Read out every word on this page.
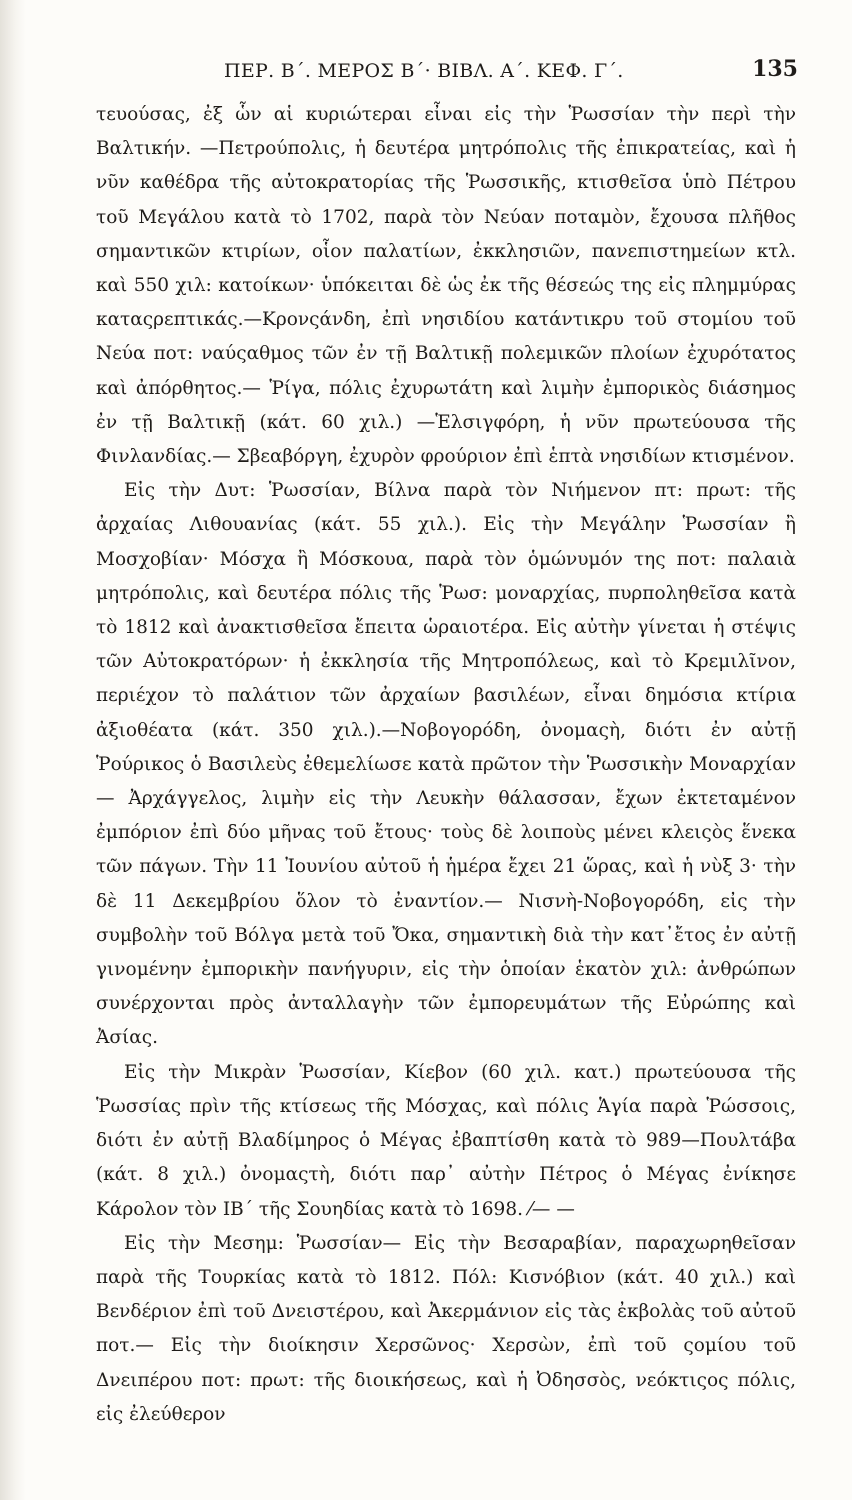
ΠΕΡ. Β΄. ΜΕΡΟΣ Β΄· ΒΙΒΛ. Α΄. ΚΕΦ. Γ΄.	135

τευούσας, ἐξ ὧν αἱ κυριώτεραι εἶναι εἰς τὴν Ῥωσσίαν τὴν περὶ τὴν Βαλτικήν. —Πετρούπολις, ἡ δευτέρα μητρόπολις τῆς ἐπικρατείας, καὶ ἡ νῦν καθέδρα τῆς αὐτοκρατορίας τῆς Ῥωσσικῆς, κτισθεῖσα ὑπὸ Πέτρου τοῦ Μεγάλου κατὰ τὸ 1702, παρὰ τὸν Νεύαν ποταμὸν, ἔχουσα πλῆθος σημαντικῶν κτιρίων, οἷον παλατίων, ἐκκλησιῶν, πανεπιστημείων κτλ. καὶ 550 χιλ: κατοίκων· ὑπόκειται δὲ ὡς ἐκ τῆς θέσεώς της εἰς πλημμύρας καταςρεπτικάς.—Κρονςάνδη, ἐπὶ νησιδίου κατάντικρυ τοῦ στομίου τοῦ Νεύα ποτ: ναύςαθμος τῶν ἐν τῇ Βαλτικῇ πολεμικῶν πλοίων ἐχυρότατος καὶ ἀπόρθητος.— Ῥίγα, πόλις ἐχυρωτάτη καὶ λιμὴν ἐμπορικὸς διάσημος ἐν τῇ Βαλτικῇ (κάτ. 60 χιλ.) —Ἑλσιγφόρη, ἡ νῦν πρωτεύουσα τῆς Φινλανδίας.— Σβεαβόργη, ἐχυρὸν φρούριον ἐπὶ ἑπτὰ νησιδίων κτισμένον.

Εἰς τὴν Δυτ: Ῥωσσίαν, Βίλνα παρὰ τὸν Νιήμενον πτ: πρωτ: τῆς ἀρχαίας Λιθουανίας (κάτ. 55 χιλ.). Εἰς τὴν Μεγάλην Ῥωσσίαν ἢ Μοσχοβίαν· Μόσχα ἢ Μόσκουα, παρὰ τὸν ὁμώνυμόν της ποτ: παλαιὰ μητρόπολις, καὶ δευτέρα πόλις τῆς Ῥωσ: μοναρχίας, πυρποληθεῖσα κατὰ τὸ 1812 καὶ ἀνακτισθεῖσα ἔπειτα ὡραιοτέρα. Εἰς αὐτὴν γίνεται ἡ στέψις τῶν Αὐτοκρατόρων· ἡ ἐκκλησία τῆς Μητροπόλεως, καὶ τὸ Κρεμιλῖνον, περιέχον τὸ παλάτιον τῶν ἀρχαίων βασιλέων, εἶναι δημόσια κτίρια ἀξιοθέατα (κάτ. 350 χιλ.).—Νοβογορόδη, ὀνομαςὴ, διότι ἐν αὐτῇ Ῥούρικος ὁ Βασιλεὺς ἐθεμελίωσε κατὰ πρῶτον τὴν Ῥωσσικὴν Μοναρχίαν— Ἀρχάγγελος, λιμὴν εἰς τὴν Λευκὴν θάλασσαν, ἔχων ἐκτεταμένον ἐμπόριον ἐπὶ δύο μῆνας τοῦ ἔτους· τοὺς δὲ λοιποὺς μένει κλειςὸς ἕνεκα τῶν πάγων. Τὴν 11 Ἰουνίου αὐτοῦ ἡ ἡμέρα ἔχει 21 ὥρας, καὶ ἡ νὺξ 3· τὴν δὲ 11 Δεκεμβρίου ὅλον τὸ ἐναντίον.— Νισνὴ-Νοβογορόδη, εἰς τὴν συμβολὴν τοῦ Βόλγα μετὰ τοῦ Ὄκα, σημαντικὴ διὰ τὴν κατ᾽ἔτος ἐν αὐτῇ γινομένην ἐμπορικὴν πανήγυριν, εἰς τὴν ὁποίαν ἑκατὸν χιλ: ἀνθρώπων συνέρχονται πρὸς ἀνταλλαγὴν τῶν ἐμπορευμάτων τῆς Εὐρώπης καὶ Ἀσίας.

Εἰς τὴν Μικρὰν Ῥωσσίαν, Κίεβον (60 χιλ. κατ.) πρωτεύουσα τῆς Ῥωσσίας πρὶν τῆς κτίσεως τῆς Μόσχας, καὶ πόλις Ἁγία παρὰ Ῥώσσοις, διότι ἐν αὐτῇ Βλαδίμηρος ὁ Μέγας ἐβαπτίσθη κατὰ τὸ 989—Πουλτάβα (κάτ. 8 χιλ.) ὀνομαςτὴ, διότι παρ᾽ αὐτὴν Πέτρος ὁ Μέγας ἐνίκησε Κάρολον τὸν ΙΒ΄ τῆς Σουηδίας κατὰ τὸ 1698. ⁄— —

Εἰς τὴν Μεσημ: Ῥωσσίαν— Εἰς τὴν Βεσαραβίαν, παραχωρηθεῖσαν παρὰ τῆς Τουρκίας κατὰ τὸ 1812. Πόλ: Κισνόβιον (κάτ. 40 χιλ.) καὶ Βενδέριον ἐπὶ τοῦ Δνειστέρου, καὶ Ἀκερμάνιον εἰς τὰς ἐκβολὰς τοῦ αὐτοῦ ποτ.— Εἰς τὴν διοίκησιν Χερσῶνος· Χερσὼν, ἐπὶ τοῦ ςομίου τοῦ Δνειπέρου ποτ: πρωτ: τῆς διοικήσεως, καὶ ἡ Ὀδησσὸς, νεόκτιςος πόλις, εἰς ἐλεύθερον
